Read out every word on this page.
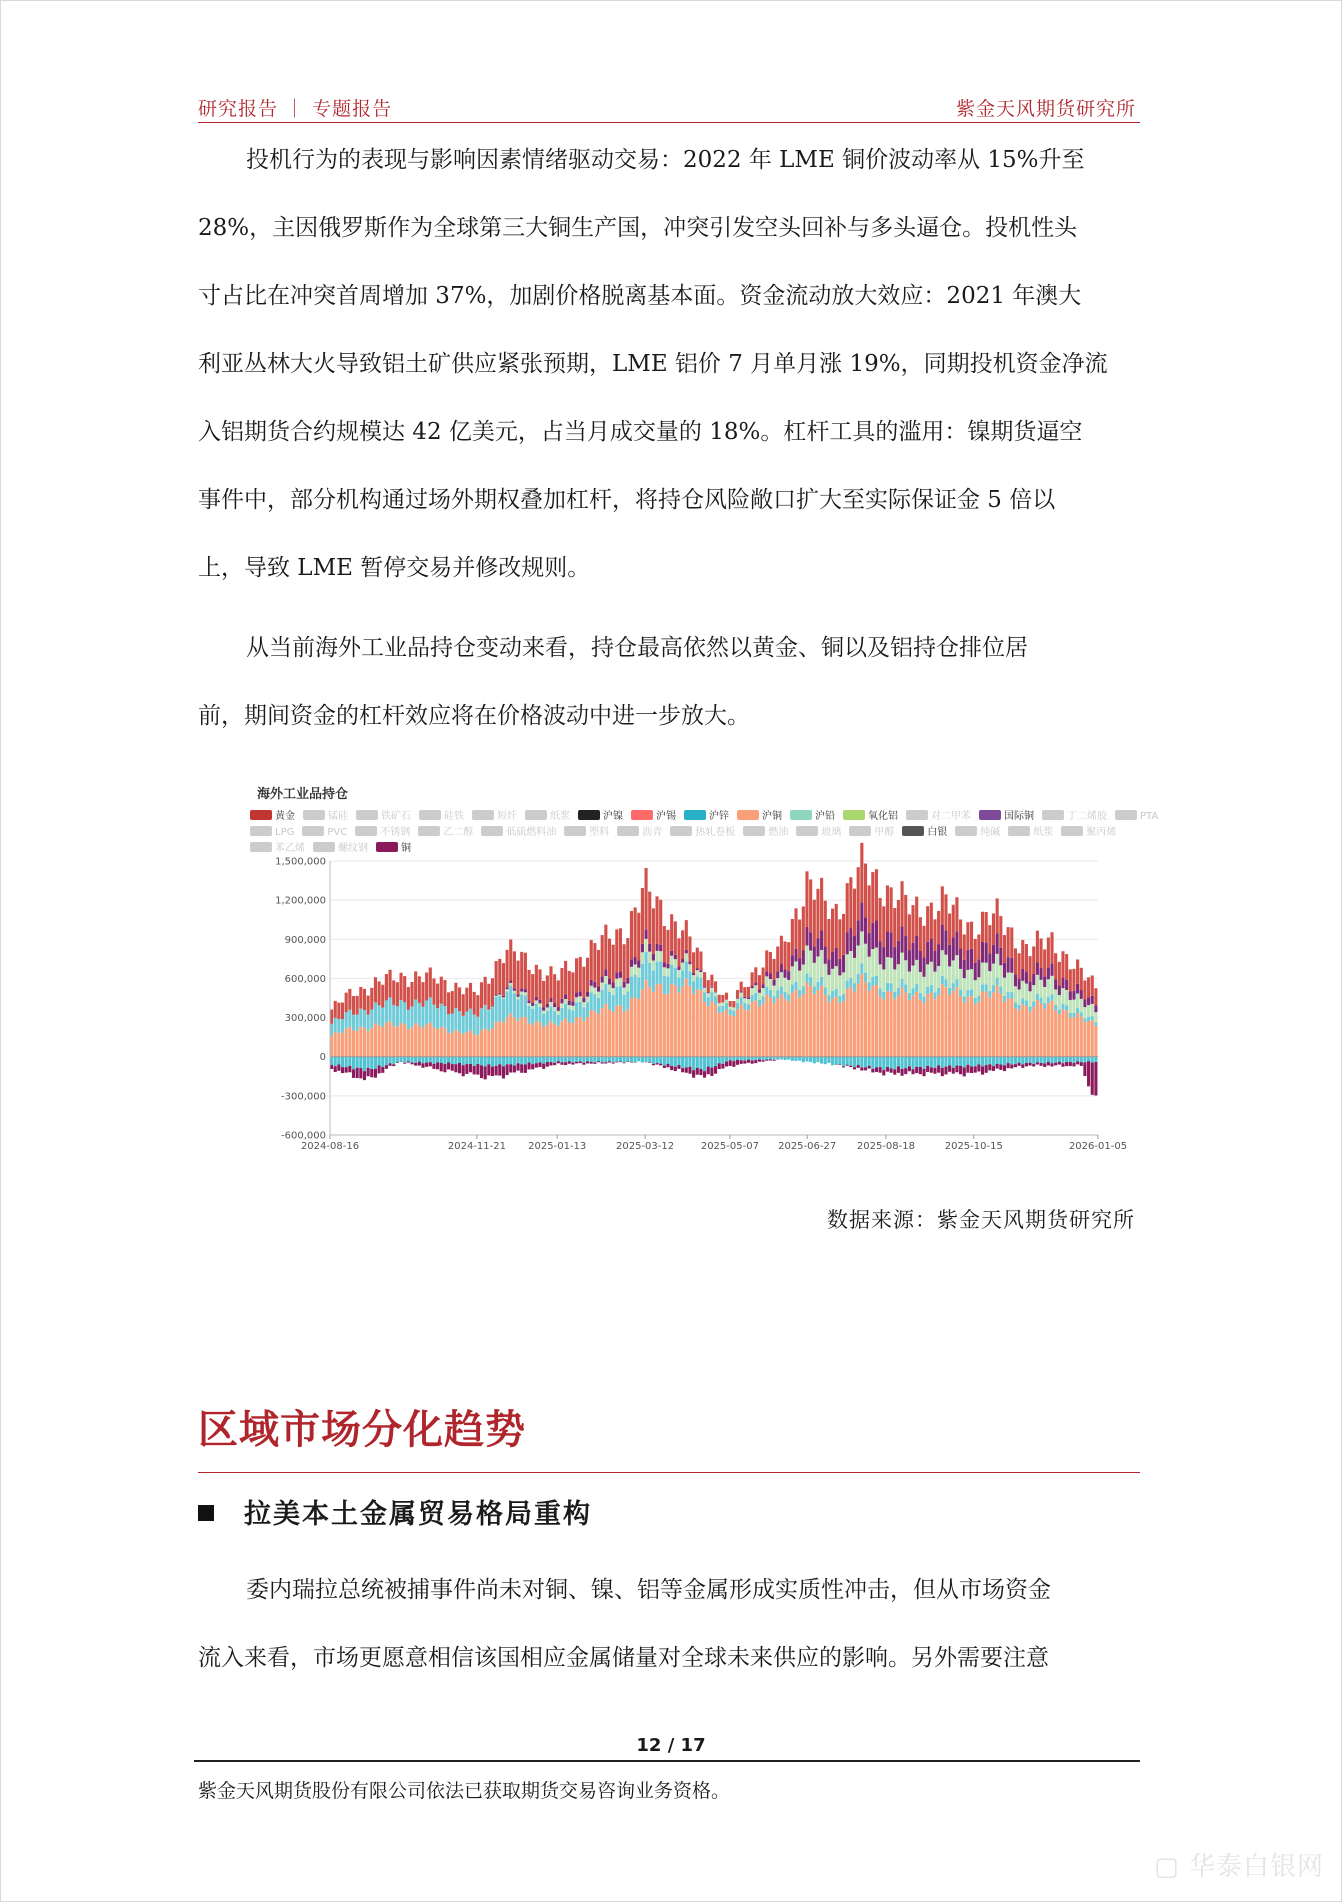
研究报告 ｜ 专题报告	紫金天风期货研究所

投机行为的表现与影响因素情绪驱动交易：2022 年 LME 铜价波动率从 15%升至
28%，主因俄罗斯作为全球第三大铜生产国，冲突引发空头回补与多头逼仓。投机性头
寸占比在冲突首周增加 37%，加剧价格脱离基本面。资金流动放大效应：2021 年澳大
利亚丛林大火导致铝土矿供应紧张预期，LME 铝价 7 月单月涨 19%，同期投机资金净流
入铝期货合约规模达 42 亿美元，占当月成交量的 18%。杠杆工具的滥用：镍期货逼空
事件中，部分机构通过场外期权叠加杠杆，将持仓风险敞口扩大至实际保证金 5 倍以
上，导致 LME 暂停交易并修改规则。

从当前海外工业品持仓变动来看，持仓最高依然以黄金、铜以及铝持仓排位居
前，期间资金的杠杆效应将在价格波动中进一步放大。

1,500,000
1,200,000
900,000
600,000
300,000
0
-300,000
-600,000
2024-08-16	2024-11-21 2025-01-13	2025-03-12	2025-05-07 2025-06-27 2025-08-18	2025-10-15	2026-01-05
海外工业品持仓
黄金	锰硅	铁矿石	硅铁	短纤	纸浆	沪镍	沪锡	沪锌	沪铜	沪铅	氧化铝	对二甲苯	国际铜	丁二烯胶	PTALPG	PVC	不锈钢	乙二醇	低硫燃料油	塑料	沥青	热轧卷板	燃油	玻璃	甲醇	白银	纯碱	纸浆	聚丙烯苯乙烯	螺纹钢	铜
数据来源：紫金天风期货研究所
区域市场分化趋势
拉美本土金属贸易格局重构

委内瑞拉总统被捕事件尚未对铜、镍、铝等金属形成实质性冲击，但从市场资金
流入来看，市场更愿意相信该国相应金属储量对全球未来供应的影响。另外需要注意

12 / 17
紫金天风期货股份有限公司依法已获取期货交易咨询业务资格。
▢ 华泰白银网
